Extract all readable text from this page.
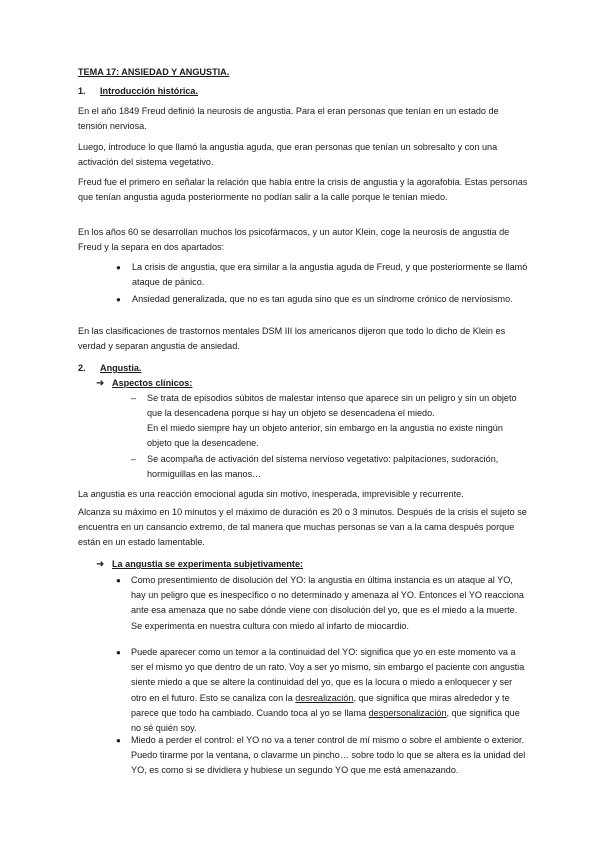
TEMA 17: ANSIEDAD Y ANGUSTIA.

1. Introducción histórica.

En el año 1849 Freud definió la neurosis de angustia. Para el eran personas que tenían en un estado de tensión nerviosa.

Luego, introduce lo que llamó la angustia aguda, que eran personas que tenían un sobresalto y con una activación del sistema vegetativo.

Freud fue el primero en señalar la relación que había entre la crisis de angustia y la agorafobia. Estas personas que tenían angustia aguda posteriormente no podían salir a la calle porque le tenían miedo.

En los años 60 se desarrollan muchos los psicofármacos, y un autor Klein, coge la neurosis de angustia de Freud y la separa en dos apartados:

● La crisis de angustia, que era similar a la angustia aguda de Freud, y que posteriormente se llamó ataque de pánico.

● Ansiedad generalizada, que no es tan aguda sino que es un síndrome crónico de nerviosismo.

En las clasificaciones de trastornos mentales DSM III los americanos dijeron que todo lo dicho de Klein es verdad y separan angustia de ansiedad.

2. Angustia.

➜ Aspectos clínicos:

– Se trata de episodios súbitos de malestar intenso que aparece sin un peligro y sin un objeto que la desencadena porque si hay un objeto se desencadena el miedo.

En el miedo siempre hay un objeto anterior, sin embargo en la angustia no existe ningún objeto que la desencadene.

– Se acompaña de activación del sistema nervioso vegetativo: palpitaciones, sudoración, hormiguillas en las manos…

La angustia es una reacción emocional aguda sin motivo, inesperada, imprevisible y recurrente.

Alcanza su máximo en 10 minutos y el máximo de duración es 20 o 3 minutos. Después de la crisis el sujeto se encuentra en un cansancio extremo, de tal manera que muchas personas se van a la cama después porque están en un estado lamentable.

➜ La angustia se experimenta subjetivamente:

● Como presentimiento de disolución del YO: la angustia en última instancia es un ataque al YO, hay un peligro que es inespecífico o no determinado y amenaza al YO. Entonces el YO reacciona ante esa amenaza que no sabe dónde viene con disolución del yo, que es el miedo a la muerte. Se experimenta en nuestra cultura con miedo al infarto de miocardio.

● Puede aparecer como un temor a la continuidad del YO: significa que yo en este momento va a ser el mismo yo que dentro de un rato. Voy a ser yo mismo, sin embargo el paciente con angustia siente miedo a que se altere la continuidad del yo, que es la locura o miedo a enloquecer y ser otro en el futuro. Esto se canaliza con la desrealización, que significa que miras alrededor y te parece que todo ha cambiado. Cuando toca al yo se llama despersonalización, que significa que no sé quién soy.

● Miedo a perder el control: el YO no va a tener control de mí mismo o sobre el ambiente o exterior. Puedo tirarme por la ventana, o clavarme un pincho… sobre todo lo que se altera es la unidad del YO, es como si se dividiera y hubiese un segundo YO que me está amenazando.
